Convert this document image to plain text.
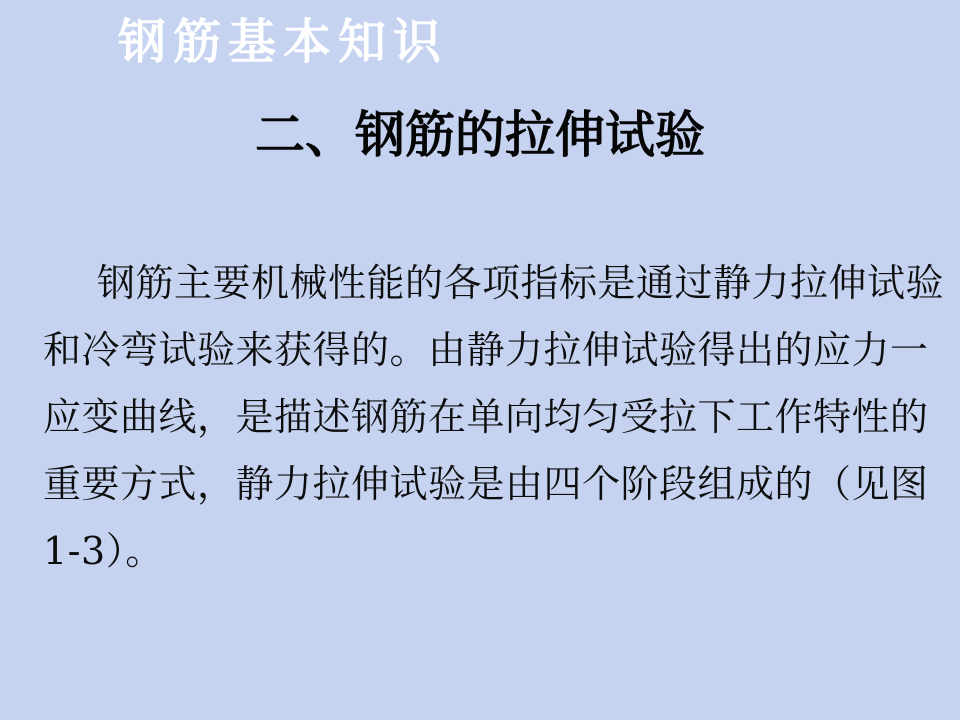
钢筋基本知识
二、钢筋的拉伸试验
钢筋主要机械性能的各项指标是通过静力拉伸试验
和冷弯试验来获得的。由静力拉伸试验得出的应力一
应变曲线，是描述钢筋在单向均匀受拉下工作特性的
重要方式，静力拉伸试验是由四个阶段组成的（见图
1-3）。
